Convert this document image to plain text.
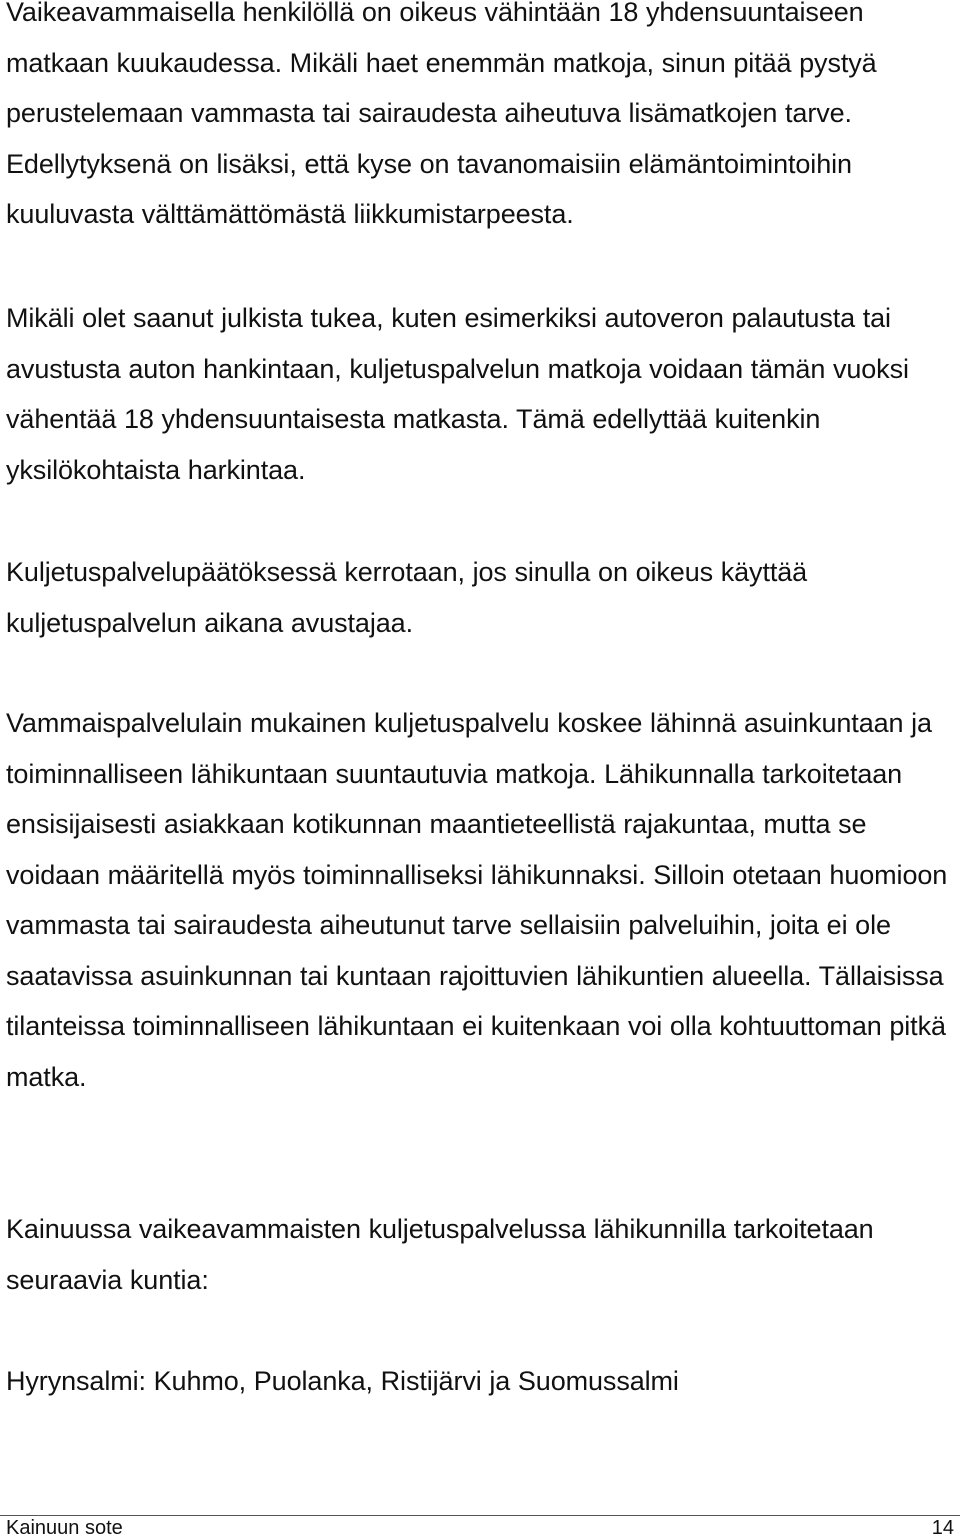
Vaikeavammaisella henkilöllä on oikeus vähintään 18 yhdensuuntaiseen matkaan kuukaudessa. Mikäli haet enemmän matkoja, sinun pitää pystyä perustelemaan vammasta tai sairaudesta aiheutuva lisämatkojen tarve. Edellytyksenä on lisäksi, että kyse on tavanomaisiin elämäntoimintoihin kuuluvasta välttämättömästä liikkumistarpeesta.

Mikäli olet saanut julkista tukea, kuten esimerkiksi autoveron palautusta tai avustusta auton hankintaan, kuljetuspalvelun matkoja voidaan tämän vuoksi vähentää 18 yhdensuuntaisesta matkasta. Tämä edellyttää kuitenkin yksilökohtaista harkintaa.

Kuljetuspalvelupäätöksessä kerrotaan, jos sinulla on oikeus käyttää kuljetuspalvelun aikana avustajaa.

Vammaispalvelulain mukainen kuljetuspalvelu koskee lähinnä asuinkuntaan ja toiminnalliseen lähikuntaan suuntautuvia matkoja. Lähikunnalla tarkoitetaan ensisijaisesti asiakkaan kotikunnan maantieteellistä rajakuntaa, mutta se voidaan määritellä myös toiminnalliseksi lähikunnaksi. Silloin otetaan huomioon vammasta tai sairaudesta aiheutunut tarve sellaisiin palveluihin, joita ei ole saatavissa asuinkunnan tai kuntaan rajoittuvien lähikuntien alueella. Tällaisissa tilanteissa toiminnalliseen lähikuntaan ei kuitenkaan voi olla kohtuuttoman pitkä matka.

Kainuussa vaikeavammaisten kuljetuspalvelussa lähikunnilla tarkoitetaan seuraavia kuntia:

Hyrynsalmi: Kuhmo, Puolanka, Ristijärvi ja Suomussalmi

Kainuun sote	14
